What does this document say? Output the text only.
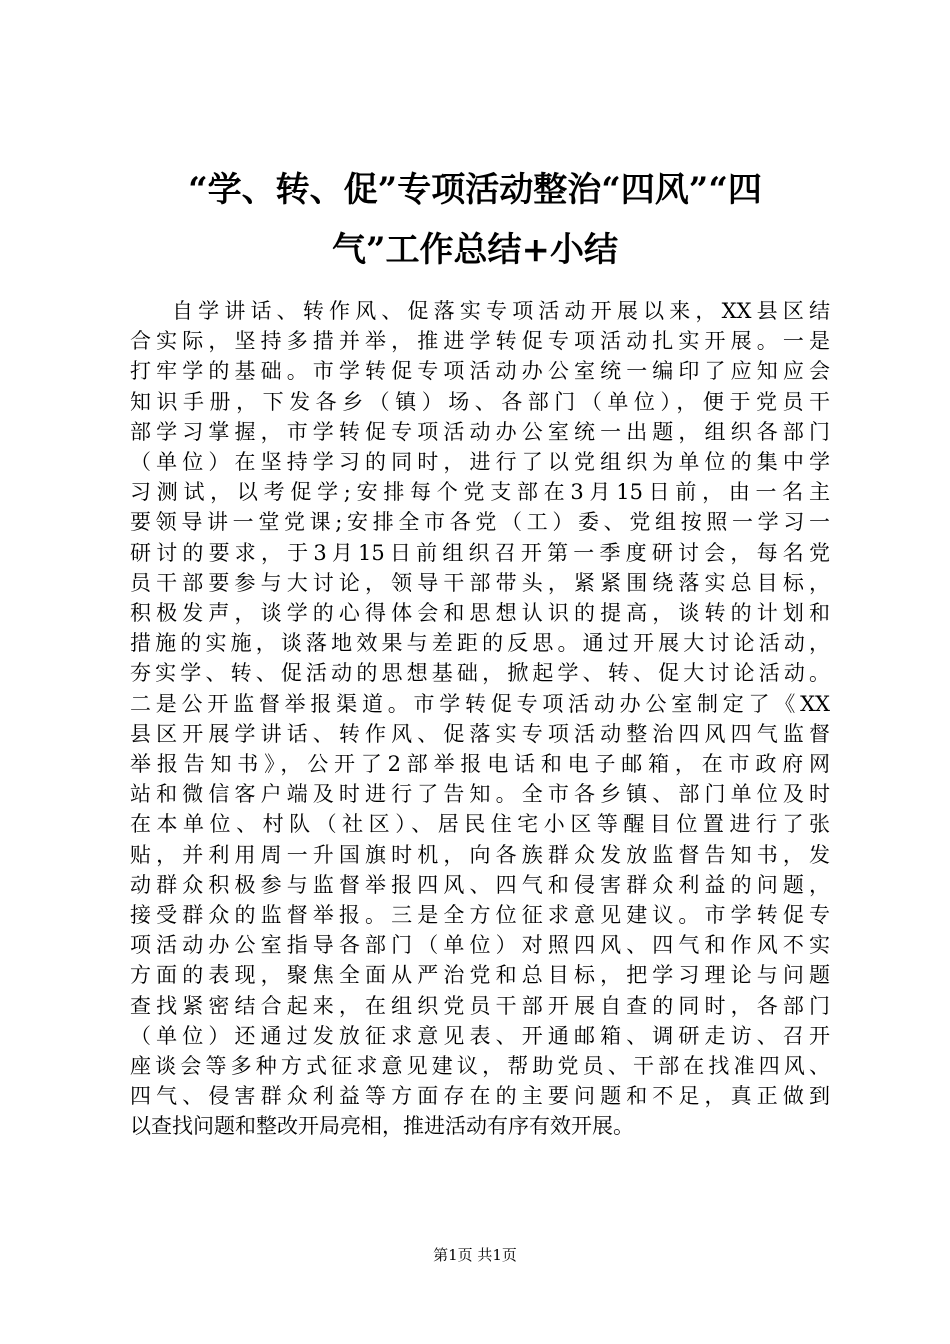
“学、转、促”专项活动整治“四风”“四
气”工作总结+小结
自学讲话、转作风、促落实专项活动开展以来，XX县区结
合实际，坚持多措并举，推进学转促专项活动扎实开展。一是
打牢学的基础。市学转促专项活动办公室统一编印了应知应会
知识手册，下发各乡（镇）场、各部门（单位），便于党员干
部学习掌握，市学转促专项活动办公室统一出题，组织各部门
（单位）在坚持学习的同时，进行了以党组织为单位的集中学
习测试，以考促学;安排每个党支部在3月15日前，由一名主
要领导讲一堂党课;安排全市各党（工）委、党组按照一学习一
研讨的要求，于3月15日前组织召开第一季度研讨会，每名党
员干部要参与大讨论，领导干部带头，紧紧围绕落实总目标，
积极发声，谈学的心得体会和思想认识的提高，谈转的计划和
措施的实施，谈落地效果与差距的反思。通过开展大讨论活动，
夯实学、转、促活动的思想基础，掀起学、转、促大讨论活动。
二是公开监督举报渠道。市学转促专项活动办公室制定了《XX
县区开展学讲话、转作风、促落实专项活动整治四风四气监督
举报告知书》，公开了2部举报电话和电子邮箱，在市政府网
站和微信客户端及时进行了告知。全市各乡镇、部门单位及时
在本单位、村队（社区）、居民住宅小区等醒目位置进行了张
贴，并利用周一升国旗时机，向各族群众发放监督告知书，发
动群众积极参与监督举报四风、四气和侵害群众利益的问题，
接受群众的监督举报。三是全方位征求意见建议。市学转促专
项活动办公室指导各部门（单位）对照四风、四气和作风不实
方面的表现，聚焦全面从严治党和总目标，把学习理论与问题
查找紧密结合起来，在组织党员干部开展自查的同时，各部门
（单位）还通过发放征求意见表、开通邮箱、调研走访、召开
座谈会等多种方式征求意见建议，帮助党员、干部在找准四风、
四气、侵害群众利益等方面存在的主要问题和不足，真正做到
以查找问题和整改开局亮相，推进活动有序有效开展。
第1页 共1页
